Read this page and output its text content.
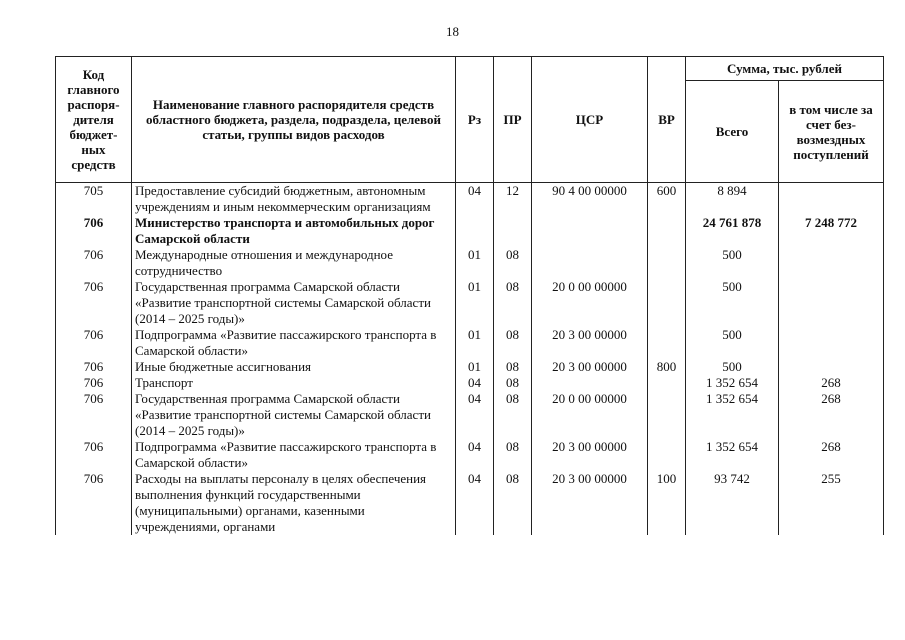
18
Код главного распоря-дителя бюджет-ных средств	Наименование главного распорядителя средств областного бюджета, раздела, подраздела, целевой статьи, группы видов расходов	Рз	ПР	ЦСР	ВР	Сумма, тыс. рублей	
						Всего	в том числе за счет без-возмездных поступлений
705	Предоставление субсидий бюджетным, автономным учреждениям и иным некоммерческим организациям	04	12	90 4 00 00000	600	8 894	
706	Министерство транспорта и автомобильных дорог Самарской области					24 761 878	7 248 772
706	Международные отношения и международное сотрудничество	01	08			500	
706	Государственная программа Самарской области «Развитие транспортной системы Самарской области (2014 – 2025 годы)»	01	08	20 0 00 00000		500	
706	Подпрограмма «Развитие пассажирского транспорта в Самарской области»	01	08	20 3 00 00000		500	
706	Иные бюджетные ассигнования	01	08	20 3 00 00000	800	500	
706	Транспорт	04	08			1 352 654	268
706	Государственная программа Самарской области «Развитие транспортной системы Самарской области (2014 – 2025 годы)»	04	08	20 0 00 00000		1 352 654	268
706	Подпрограмма «Развитие пассажирского транспорта в Самарской области»	04	08	20 3 00 00000		1 352 654	268
706	Расходы на выплаты персоналу в целях обеспечения выполнения функций государственными (муниципальными) органами, казенными учреждениями, органами	04	08	20 3 00 00000	100	93 742	255
